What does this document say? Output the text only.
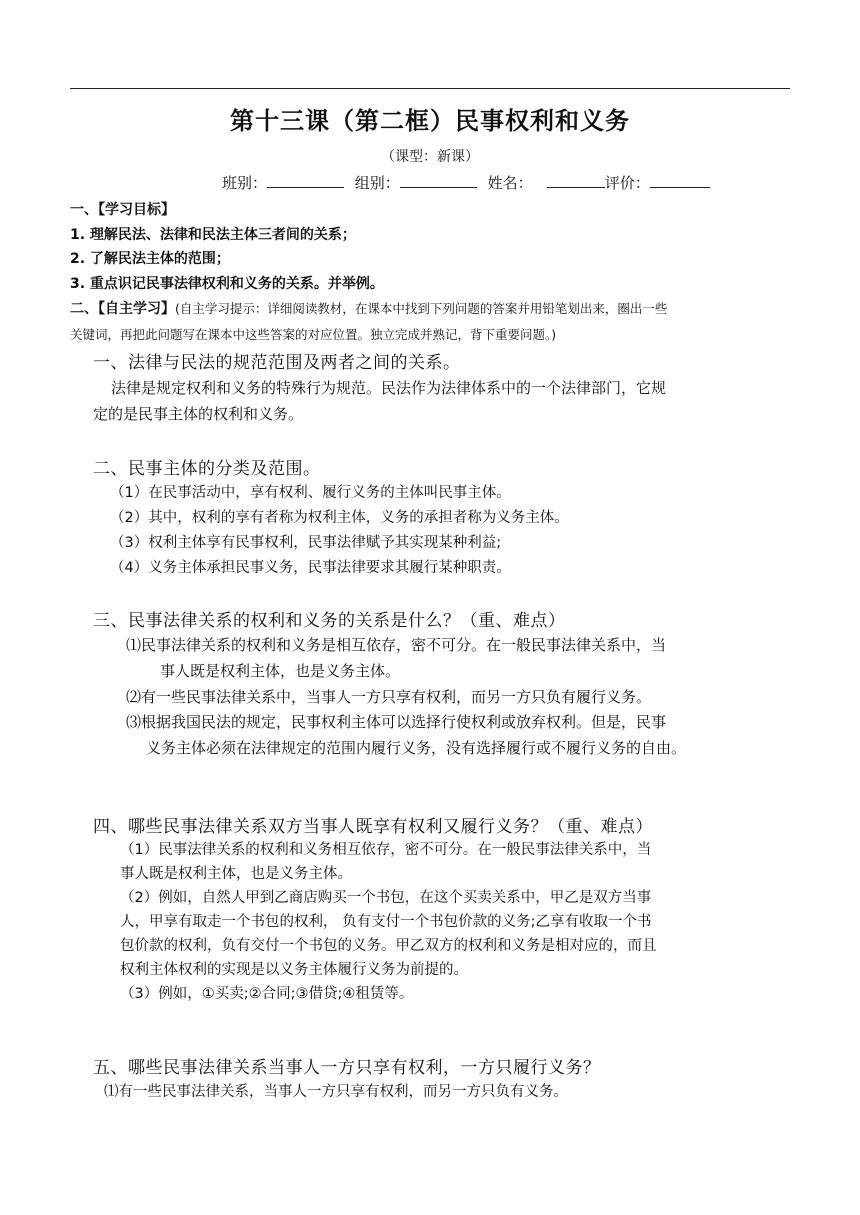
第十三课（第二框）民事权利和义务
（课型：新课）
班别：	组别：	姓名：	评价：
一、【学习目标】
1. 理解民法、法律和民法主体三者间的关系；
2. 了解民法主体的范围；
3. 重点识记民事法律权利和义务的关系。并举例。
二、【自主学习】(自主学习提示：详细阅读教材，在课本中找到下列问题的答案并用铅笔划出来，圈出一些
关键词，再把此问题写在课本中这些答案的对应位置。独立完成并熟记，背下重要问题。)
一、法律与民法的规范范围及两者之间的关系。
法律是规定权利和义务的特殊行为规范。民法作为法律体系中的一个法律部门，它规
定的是民事主体的权利和义务。
二、民事主体的分类及范围。
（1）在民事活动中，享有权利、履行义务的主体叫民事主体。
（2）其中，权利的享有者称为权利主体，义务的承担者称为义务主体。
（3）权利主体享有民事权利，民事法律赋予其实现某种利益;
（4）义务主体承担民事义务，民事法律要求其履行某种职责。
三、民事法律关系的权利和义务的关系是什么？（重、难点）
⑴民事法律关系的权利和义务是相互依存，密不可分。在一般民事法律关系中，当
事人既是权利主体，也是义务主体。
⑵有一些民事法律关系中，当事人一方只享有权利，而另一方只负有履行义务。
⑶根据我国民法的规定，民事权利主体可以选择行使权利或放弃权利。但是，民事
义务主体必须在法律规定的范围内履行义务，没有选择履行或不履行义务的自由。
四、哪些民事法律关系双方当事人既享有权利又履行义务？（重、难点）
（1）民事法律关系的权利和义务相互依存，密不可分。在一般民事法律关系中，当
事人既是权利主体，也是义务主体。
（2）例如，自然人甲到乙商店购买一个书包，在这个买卖关系中，甲乙是双方当事
人，甲享有取走一个书包的权利， 负有支付一个书包价款的义务;乙享有收取一个书
包价款的权利，负有交付一个书包的义务。甲乙双方的权利和义务是相对应的，而且
权利主体权利的实现是以义务主体履行义务为前提的。
（3）例如，①买卖;②合同;③借贷;④租赁等。
五、哪些民事法律关系当事人一方只享有权利，一方只履行义务？
⑴有一些民事法律关系，当事人一方只享有权利，而另一方只负有义务。
